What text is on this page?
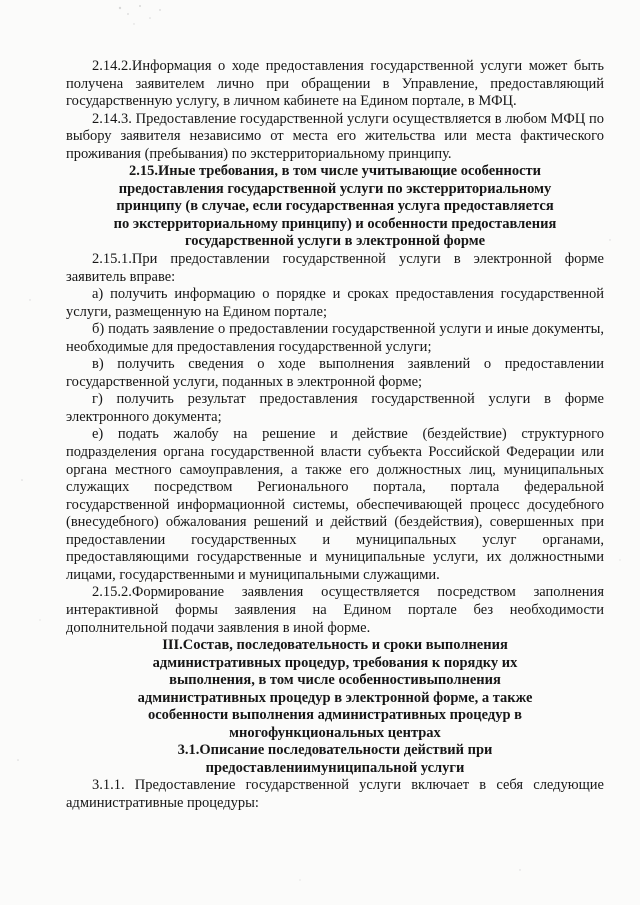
2.14.2.Информация о ходе предоставления государственной услуги может быть получена заявителем лично при обращении в Управление, предоставляющий государственную услугу, в личном кабинете на Едином портале, в МФЦ.

2.14.3. Предоставление государственной услуги осуществляется в любом МФЦ по выбору заявителя независимо от места его жительства или места фактического проживания (пребывания) по экстерриториальному принципу.

2.15.Иные требования, в том числе учитывающие особенности
предоставления государственной услуги по экстерриториальному
принципу (в случае, если государственная услуга предоставляется
по экстерриториальному принципу) и особенности предоставления
государственной услуги в электронной форме

2.15.1.При предоставлении государственной услуги в электронной форме заявитель вправе:

а) получить информацию о порядке и сроках предоставления государственной услуги, размещенную на Едином портале;

б) подать заявление о предоставлении государственной услуги и иные документы, необходимые для предоставления государственной услуги;

в) получить сведения о ходе выполнения заявлений о предоставлении государственной услуги, поданных в электронной форме;

г) получить результат предоставления государственной услуги в форме электронного документа;

е) подать жалобу на решение и действие (бездействие) структурного подразделения органа государственной власти субъекта Российской Федерации или органа местного самоуправления, а также его должностных лиц, муниципальных служащих посредством Регионального портала, портала федеральной государственной информационной системы, обеспечивающей процесс досудебного (внесудебного) обжалования решений и действий (бездействия), совершенных при предоставлении государственных и муниципальных услуг органами, предоставляющими государственные и муниципальные услуги, их должностными лицами, государственными и муниципальными служащими.

2.15.2.Формирование заявления осуществляется посредством заполнения интерактивной формы заявления на Едином портале без необходимости дополнительной подачи заявления в иной форме.

III.Состав, последовательность и сроки выполнения
административных процедур, требования к порядку их
выполнения, в том числе особенностивыполнения
административных процедур в электронной форме, а также
особенности выполнения административных процедур в
многофункциональных центрах
3.1.Описание последовательности действий при
предоставлениимуниципальной услуги

3.1.1. Предоставление государственной услуги включает в себя следующие административные процедуры:
